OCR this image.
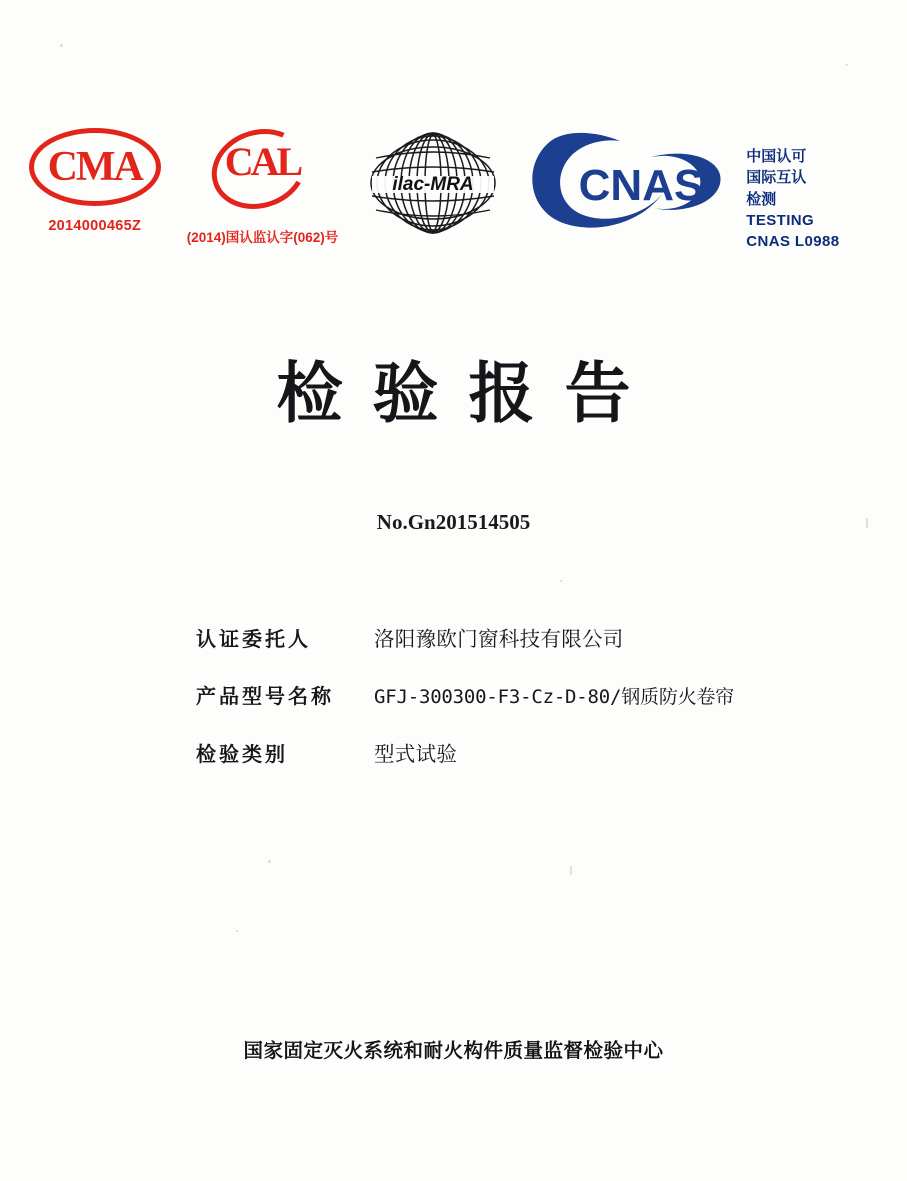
CMA
2014000465Z
CAL
(2014)国认监认字(062)号
ilac-MRA CNAS
中国认可
国际互认
检测
TESTING
CNAS L0988
检验报告
No.Gn201514505
认证委托人	洛阳豫欧门窗科技有限公司
产品型号名称	GFJ-300300-F3-Cz-D-80/钢质防火卷帘
检验类别	型式试验
国家固定灭火系统和耐火构件质量监督检验中心
